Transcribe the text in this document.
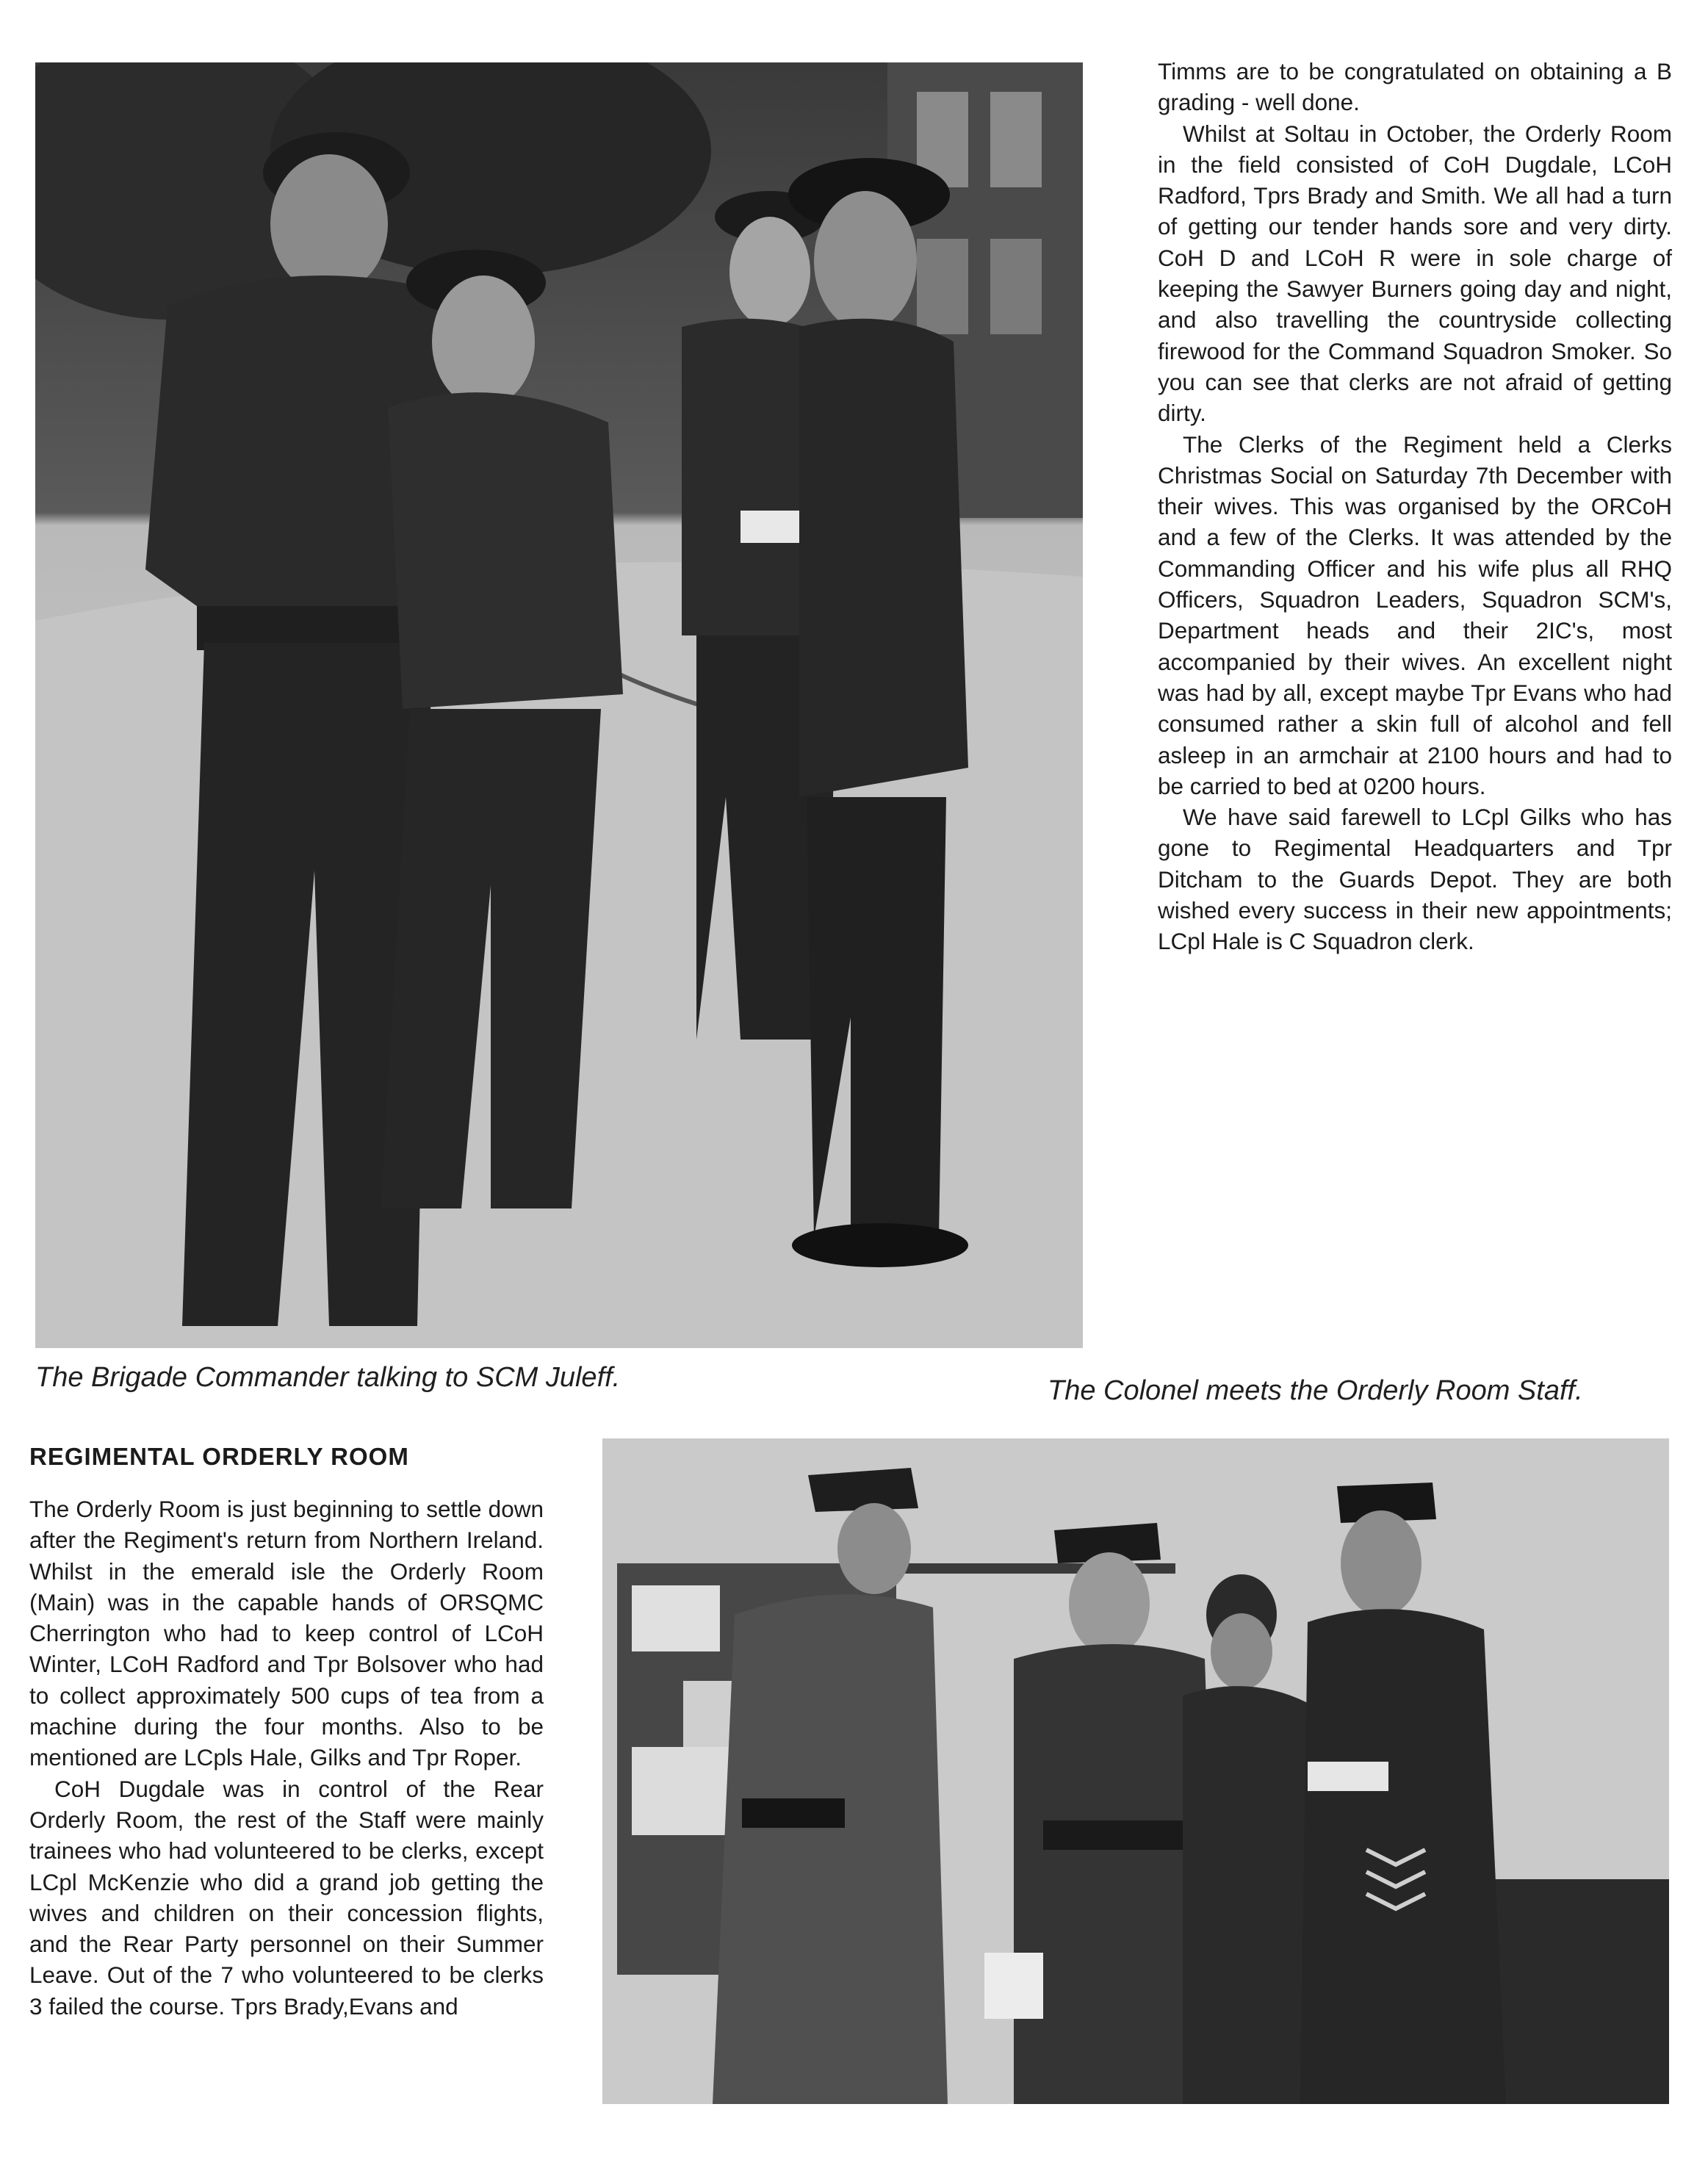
The Brigade Commander talking to SCM Juleff.

Timms are to be congratulated on obtaining a B grading - well done.

Whilst at Soltau in October, the Orderly Room in the field consisted of CoH Dugdale, LCoH Radford, Tprs Brady and Smith. We all had a turn of getting our tender hands sore and very dirty. CoH D and LCoH R were in sole charge of keeping the Sawyer Burners going day and night, and also travelling the countryside collecting firewood for the Command Squadron Smoker. So you can see that clerks are not afraid of getting dirty.

The Clerks of the Regiment held a Clerks Christmas Social on Saturday 7th December with their wives. This was organised by the ORCoH and a few of the Clerks. It was attended by the Commanding Officer and his wife plus all RHQ Officers, Squadron Leaders, Squadron SCM's, Department heads and their 2IC's, most accompanied by their wives. An excellent night was had by all, except maybe Tpr Evans who had consumed rather a skin full of alcohol and fell asleep in an armchair at 2100 hours and had to be carried to bed at 0200 hours.

We have said farewell to LCpl Gilks who has gone to Regimental Headquarters and Tpr Ditcham to the Guards Depot. They are both wished every success in their new appointments; LCpl Hale is C Squadron clerk.

The Colonel meets the Orderly Room Staff.
REGIMENTAL ORDERLY ROOM

The Orderly Room is just beginning to settle down after the Regiment's return from Northern Ireland. Whilst in the emerald isle the Orderly Room (Main) was in the capable hands of ORSQMC Cherrington who had to keep control of LCoH Winter, LCoH Radford and Tpr Bolsover who had to collect approximately 500 cups of tea from a machine during the four months. Also to be mentioned are LCpls Hale, Gilks and Tpr Roper.

CoH Dugdale was in control of the Rear Orderly Room, the rest of the Staff were mainly trainees who had volunteered to be clerks, except LCpl McKenzie who did a grand job getting the wives and children on their concession flights, and the Rear Party personnel on their Summer Leave. Out of the 7 who volunteered to be clerks 3 failed the course. Tprs Brady,Evans and
